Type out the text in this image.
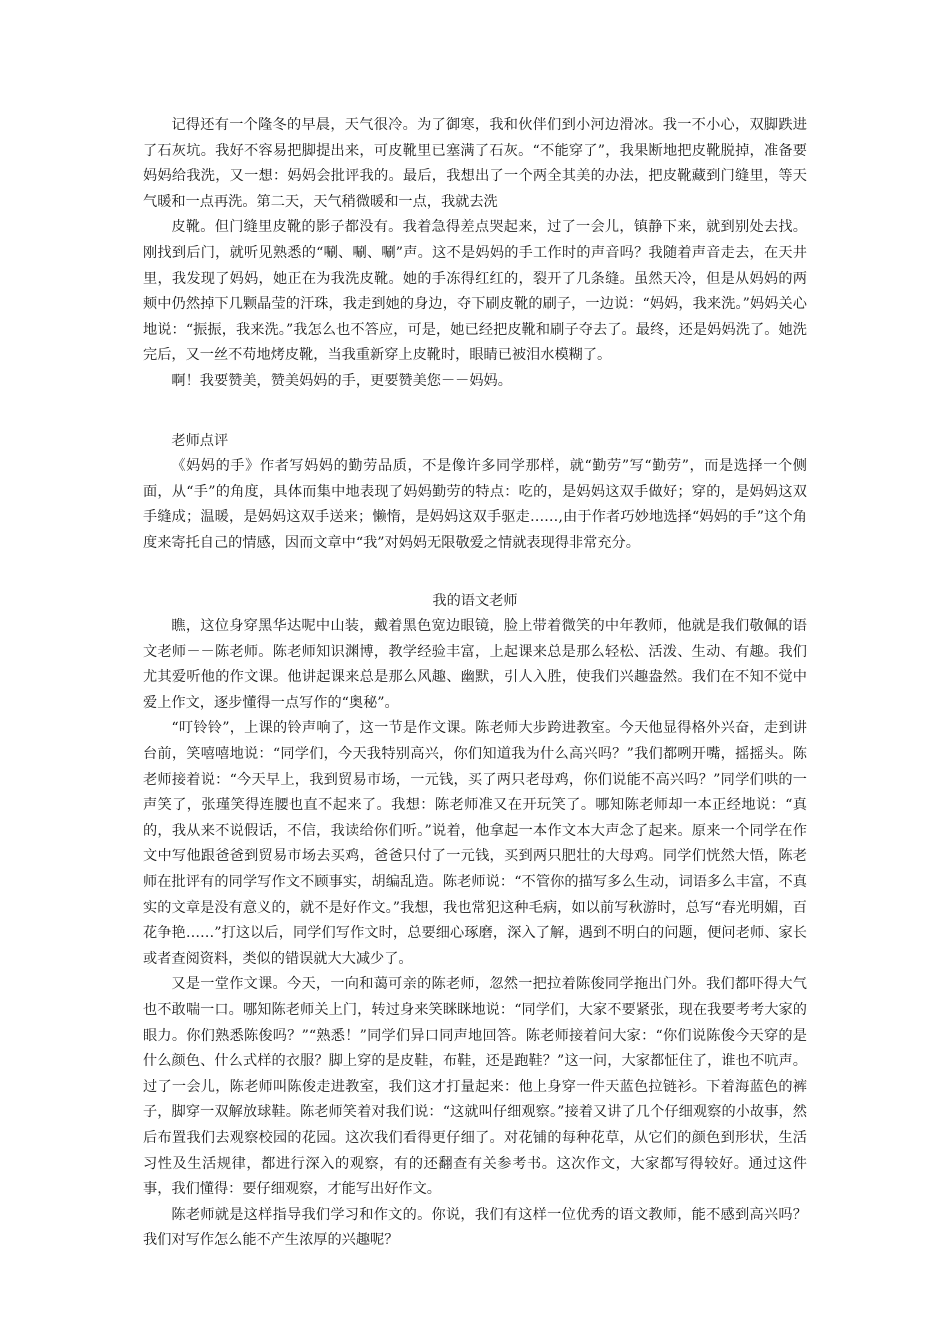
记得还有一个隆冬的早晨，天气很冷。为了御寒，我和伙伴们到小河边滑冰。我一不小心，双脚跌进了石灰坑。我好不容易把脚提出来，可皮靴里已塞满了石灰。“不能穿了”，我果断地把皮靴脱掉，准备要妈妈给我洗，又一想：妈妈会批评我的。最后，我想出了一个两全其美的办法，把皮靴藏到门缝里，等天气暖和一点再洗。第二天，天气稍微暖和一点，我就去洗

皮靴。但门缝里皮靴的影子都没有。我着急得差点哭起来，过了一会儿，镇静下来，就到别处去找。刚找到后门，就听见熟悉的“唰、唰、唰”声。这不是妈妈的手工作时的声音吗？我随着声音走去，在天井里，我发现了妈妈，她正在为我洗皮靴。她的手冻得红红的，裂开了几条缝。虽然天冷，但是从妈妈的两颊中仍然掉下几颗晶莹的汗珠，我走到她的身边，夺下刷皮靴的刷子，一边说：“妈妈，我来洗。”妈妈关心地说：“振振，我来洗。”我怎么也不答应，可是，她已经把皮靴和刷子夺去了。最终，还是妈妈洗了。她洗完后，又一丝不苟地烤皮靴，当我重新穿上皮靴时，眼睛已被泪水模糊了。

啊！我要赞美，赞美妈妈的手，更要赞美您－－妈妈。

老师点评

《妈妈的手》作者写妈妈的勤劳品质，不是像许多同学那样，就“勤劳”写“勤劳”，而是选择一个侧面，从“手”的角度，具体而集中地表现了妈妈勤劳的特点：吃的，是妈妈这双手做好；穿的，是妈妈这双手缝成；温暖，是妈妈这双手送来；懒惰，是妈妈这双手驱走……,由于作者巧妙地选择“妈妈的手”这个角度来寄托自己的情感，因而文章中“我”对妈妈无限敬爱之情就表现得非常充分。

我的语文老师

瞧，这位身穿黑华达呢中山装，戴着黑色宽边眼镜，脸上带着微笑的中年教师，他就是我们敬佩的语文老师－－陈老师。陈老师知识渊博，教学经验丰富，上起课来总是那么轻松、活泼、生动、有趣。我们尤其爱听他的作文课。他讲起课来总是那么风趣、幽默，引人入胜，使我们兴趣盎然。我们在不知不觉中爱上作文，逐步懂得一点写作的“奥秘”。

“叮铃铃”，上课的铃声响了，这一节是作文课。陈老师大步跨进教室。今天他显得格外兴奋，走到讲台前，笑嘻嘻地说：“同学们，今天我特别高兴，你们知道我为什么高兴吗？”我们都咧开嘴，摇摇头。陈老师接着说：“今天早上，我到贸易市场，一元钱，买了两只老母鸡，你们说能不高兴吗？”同学们哄的一声笑了，张瑾笑得连腰也直不起来了。我想：陈老师准又在开玩笑了。哪知陈老师却一本正经地说：“真的，我从来不说假话，不信，我读给你们听。”说着，他拿起一本作文本大声念了起来。原来一个同学在作文中写他跟爸爸到贸易市场去买鸡，爸爸只付了一元钱，买到两只肥壮的大母鸡。同学们恍然大悟，陈老师在批评有的同学写作文不顾事实，胡编乱造。陈老师说：“不管你的描写多么生动，词语多么丰富，不真实的文章是没有意义的，就不是好作文。”我想，我也常犯这种毛病，如以前写秋游时，总写“春光明媚，百花争艳……”打这以后，同学们写作文时，总要细心琢磨，深入了解，遇到不明白的问题，便问老师、家长或者查阅资料，类似的错误就大大减少了。

又是一堂作文课。今天，一向和蔼可亲的陈老师，忽然一把拉着陈俊同学拖出门外。我们都吓得大气也不敢喘一口。哪知陈老师关上门，转过身来笑眯眯地说：“同学们，大家不要紧张，现在我要考考大家的眼力。你们熟悉陈俊吗？”“熟悉！”同学们异口同声地回答。陈老师接着问大家：“你们说陈俊今天穿的是什么颜色、什么式样的衣服？脚上穿的是皮鞋，布鞋，还是跑鞋？”这一问，大家都怔住了，谁也不吭声。过了一会儿，陈老师叫陈俊走进教室，我们这才打量起来：他上身穿一件天蓝色拉链衫。下着海蓝色的裤子，脚穿一双解放球鞋。陈老师笑着对我们说：“这就叫仔细观察。”接着又讲了几个仔细观察的小故事，然后布置我们去观察校园的花园。这次我们看得更仔细了。对花铺的每种花草，从它们的颜色到形状，生活习性及生活规律，都进行深入的观察，有的还翻查有关参考书。这次作文，大家都写得较好。通过这件事，我们懂得：要仔细观察，才能写出好作文。

陈老师就是这样指导我们学习和作文的。你说，我们有这样一位优秀的语文教师，能不感到高兴吗？我们对写作怎么能不产生浓厚的兴趣呢？
